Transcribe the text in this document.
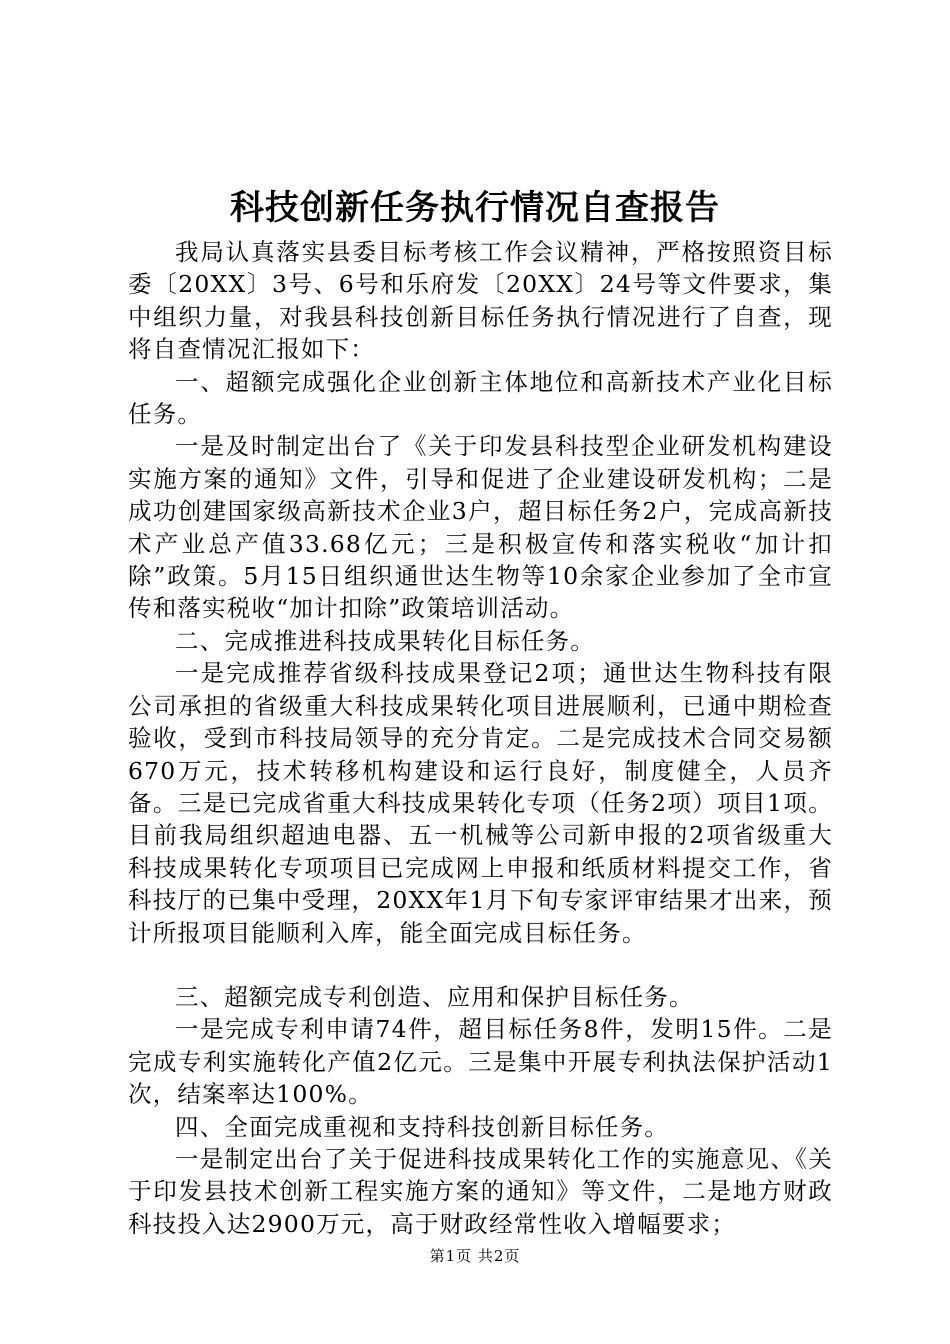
科技创新任务执行情况自查报告

我局认真落实县委目标考核工作会议精神，严格按照资目标委〔20XX〕3号、6号和乐府发〔20XX〕24号等文件要求，集中组织力量，对我县科技创新目标任务执行情况进行了自查，现将自查情况汇报如下：

一、超额完成强化企业创新主体地位和高新技术产业化目标任务。

一是及时制定出台了《关于印发县科技型企业研发机构建设实施方案的通知》文件，引导和促进了企业建设研发机构；二是成功创建国家级高新技术企业3户，超目标任务2户，完成高新技术产业总产值33.68亿元；三是积极宣传和落实税收“加计扣除”政策。5月15日组织通世达生物等10余家企业参加了全市宣传和落实税收“加计扣除”政策培训活动。

二、完成推进科技成果转化目标任务。

一是完成推荐省级科技成果登记2项；通世达生物科技有限公司承担的省级重大科技成果转化项目进展顺利，已通中期检查验收，受到市科技局领导的充分肯定。二是完成技术合同交易额670万元，技术转移机构建设和运行良好，制度健全，人员齐备。三是已完成省重大科技成果转化专项（任务2项）项目1项。目前我局组织超迪电器、五一机械等公司新申报的2项省级重大科技成果转化专项项目已完成网上申报和纸质材料提交工作，省科技厅的已集中受理，20XX年1月下旬专家评审结果才出来，预计所报项目能顺利入库，能全面完成目标任务。

三、超额完成专利创造、应用和保护目标任务。

一是完成专利申请74件，超目标任务8件，发明15件。二是完成专利实施转化产值2亿元。三是集中开展专利执法保护活动1次，结案率达100%。

四、全面完成重视和支持科技创新目标任务。

一是制定出台了关于促进科技成果转化工作的实施意见、《关于印发县技术创新工程实施方案的通知》等文件，二是地方财政科技投入达2900万元，高于财政经常性收入增幅要求；

第1页 共2页
